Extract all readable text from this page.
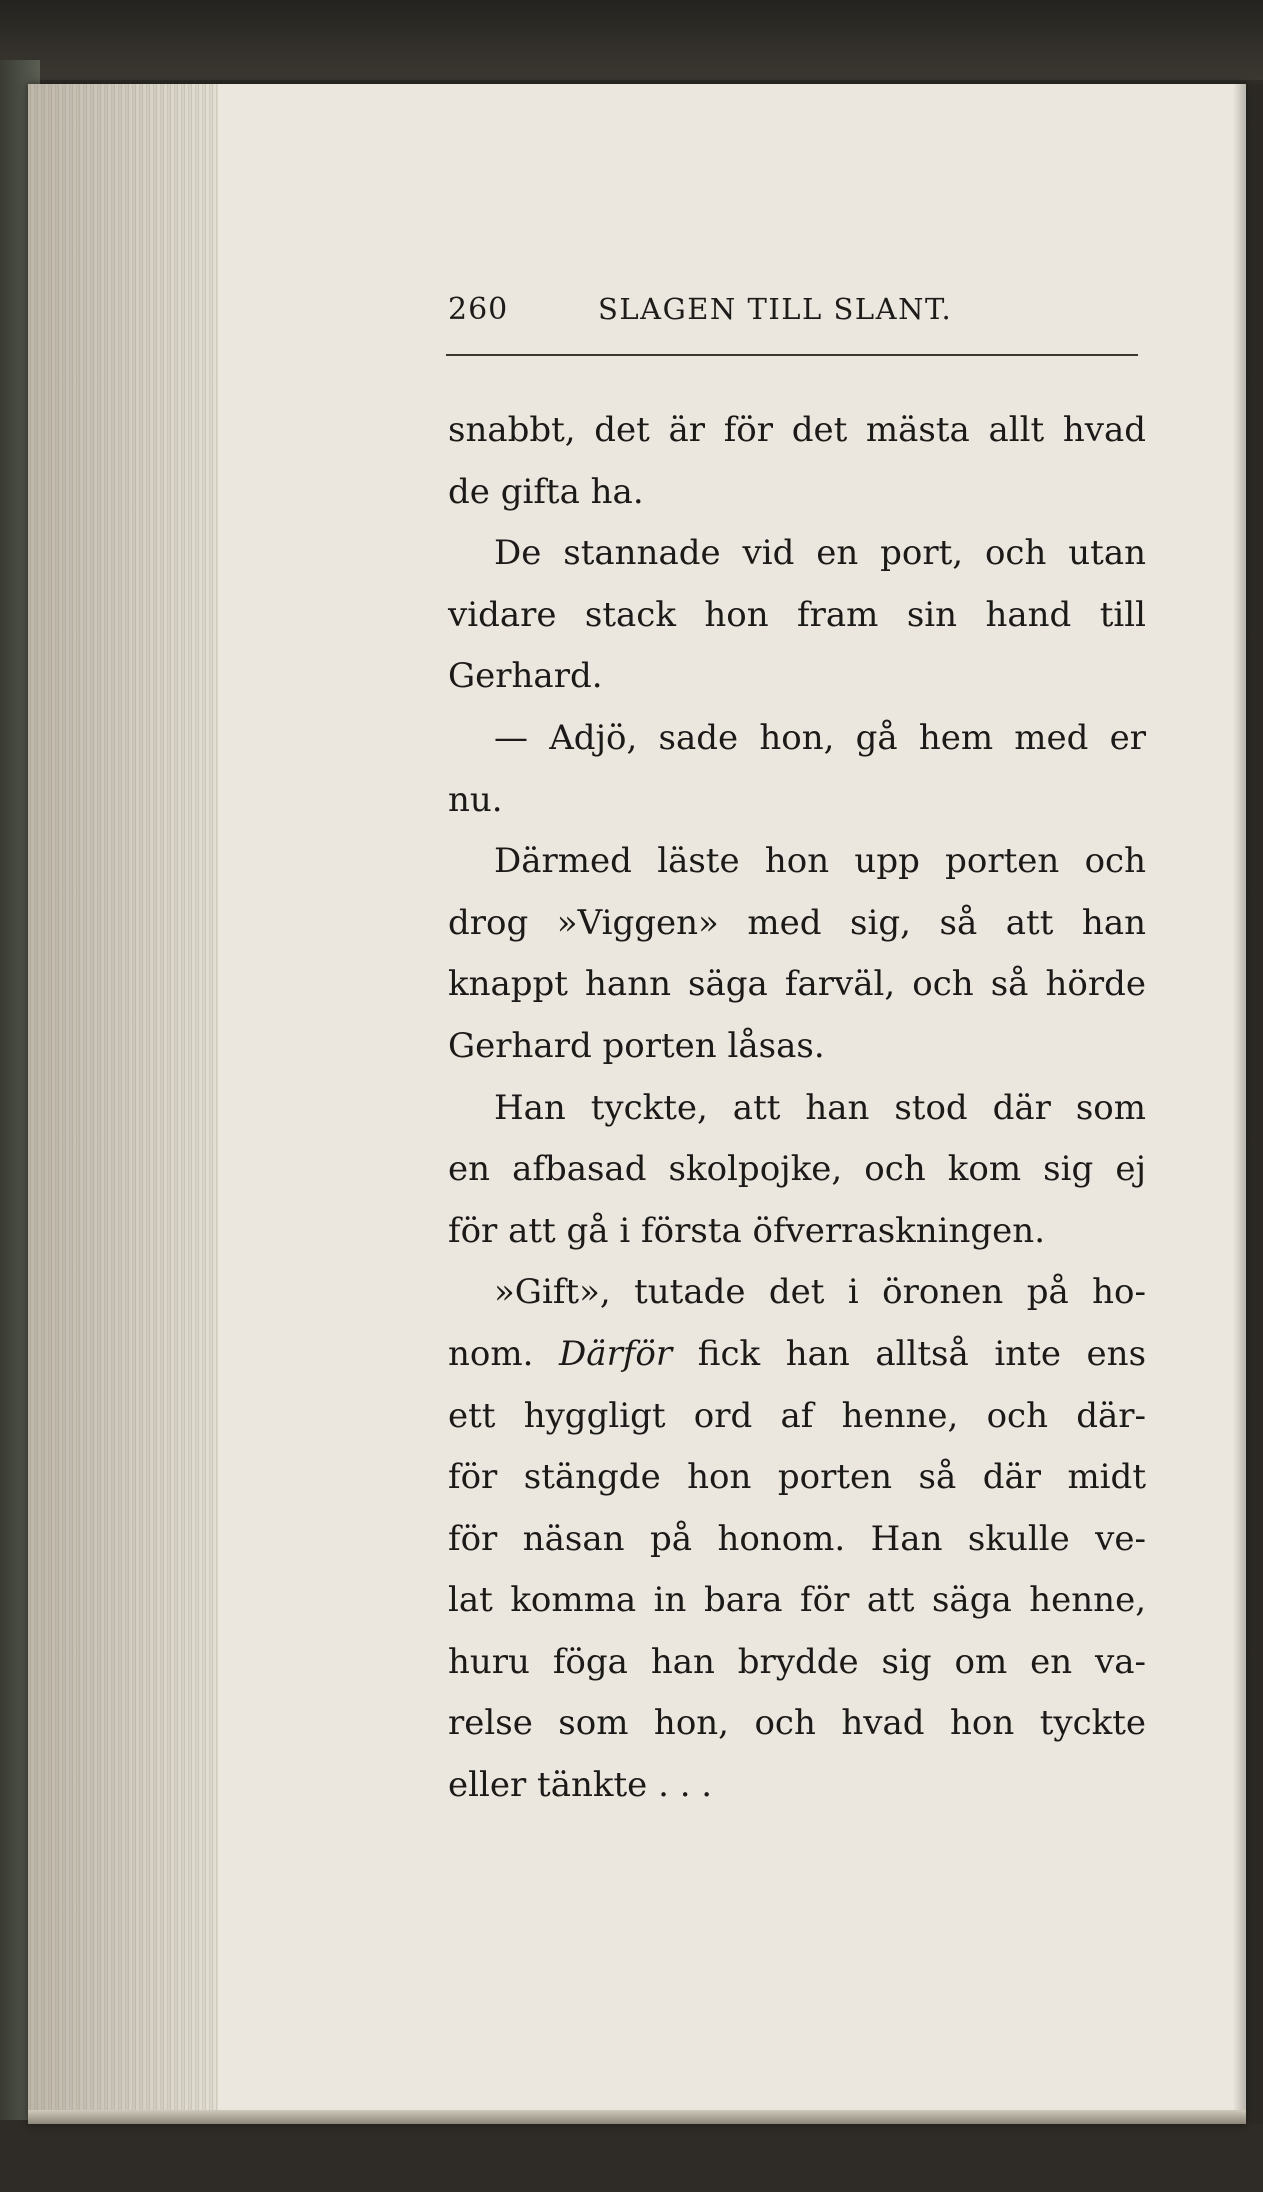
260	SLAGEN TILL SLANT.
snabbt, det är för det mästa allt hvad
de gifta ha.
De stannade vid en port, och utan
vidare stack hon fram sin hand till
Gerhard.
— Adjö, sade hon, gå hem med er
nu.
Därmed läste hon upp porten och
drog »Viggen» med sig, så att han
knappt hann säga farväl, och så hörde
Gerhard porten låsas.
Han tyckte, att han stod där som
en afbasad skolpojke, och kom sig ej
för att gå i första öfverraskningen.
»Gift», tutade det i öronen på ho-
nom. Därför fick han alltså inte ens
ett hyggligt ord af henne, och där-
för stängde hon porten så där midt
för näsan på honom. Han skulle ve-
lat komma in bara för att säga henne,
huru föga han brydde sig om en va-
relse som hon, och hvad hon tyckte
eller tänkte . . .
